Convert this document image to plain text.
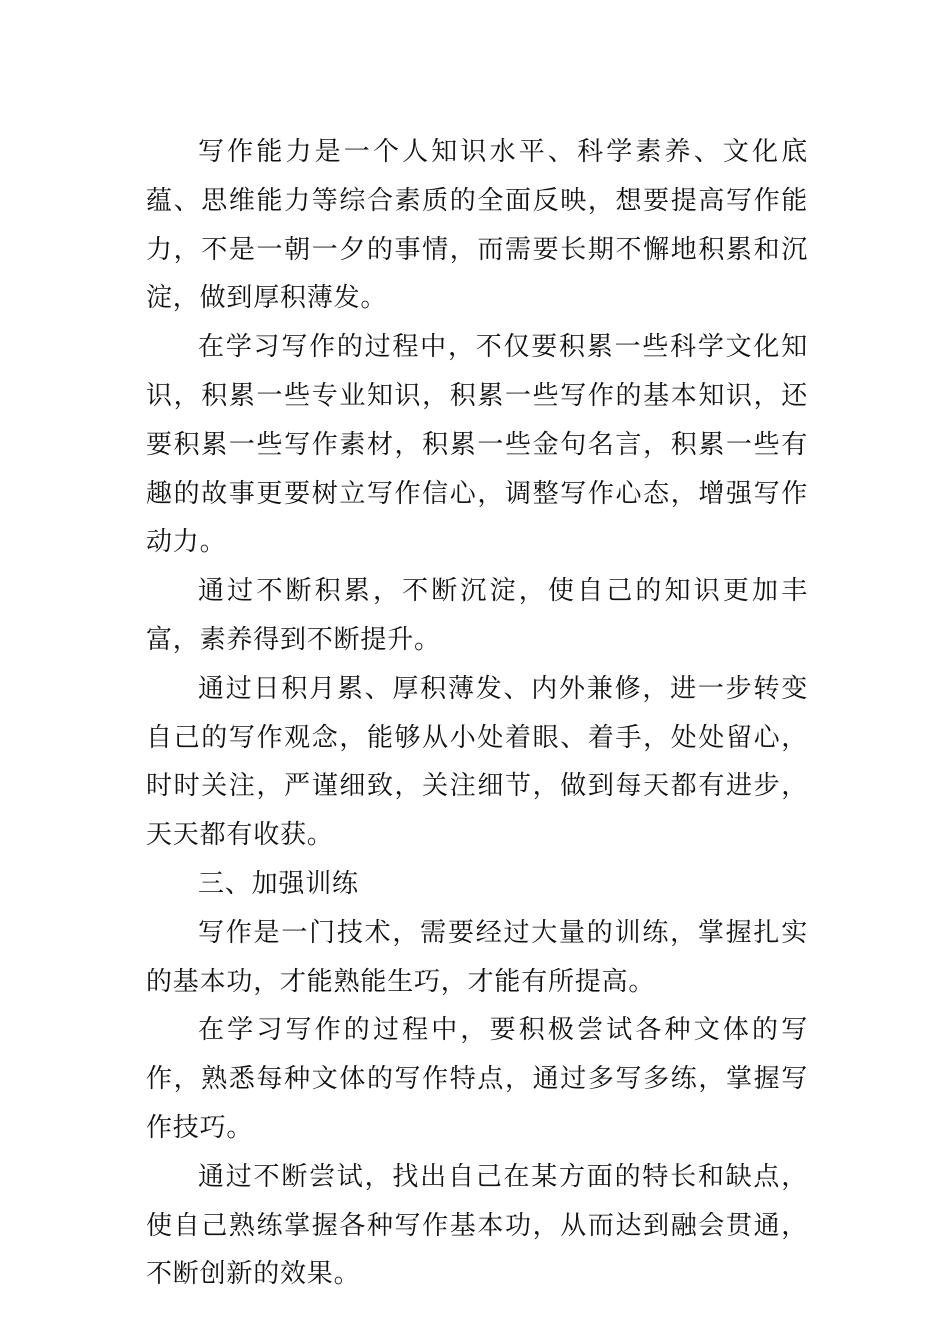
写作能力是一个人知识水平、科学素养、文化底蕴、思维能力等综合素质的全面反映，想要提高写作能力，不是一朝一夕的事情，而需要长期不懈地积累和沉淀，做到厚积薄发。

在学习写作的过程中，不仅要积累一些科学文化知识，积累一些专业知识，积累一些写作的基本知识，还要积累一些写作素材，积累一些金句名言，积累一些有趣的故事更要树立写作信心，调整写作心态，增强写作动力。

通过不断积累，不断沉淀，使自己的知识更加丰富，素养得到不断提升。

通过日积月累、厚积薄发、内外兼修，进一步转变自己的写作观念，能够从小处着眼、着手，处处留心，时时关注，严谨细致，关注细节，做到每天都有进步，天天都有收获。

三、加强训练

写作是一门技术，需要经过大量的训练，掌握扎实的基本功，才能熟能生巧，才能有所提高。

在学习写作的过程中，要积极尝试各种文体的写作，熟悉每种文体的写作特点，通过多写多练，掌握写作技巧。

通过不断尝试，找出自己在某方面的特长和缺点，使自己熟练掌握各种写作基本功，从而达到融会贯通，不断创新的效果。
